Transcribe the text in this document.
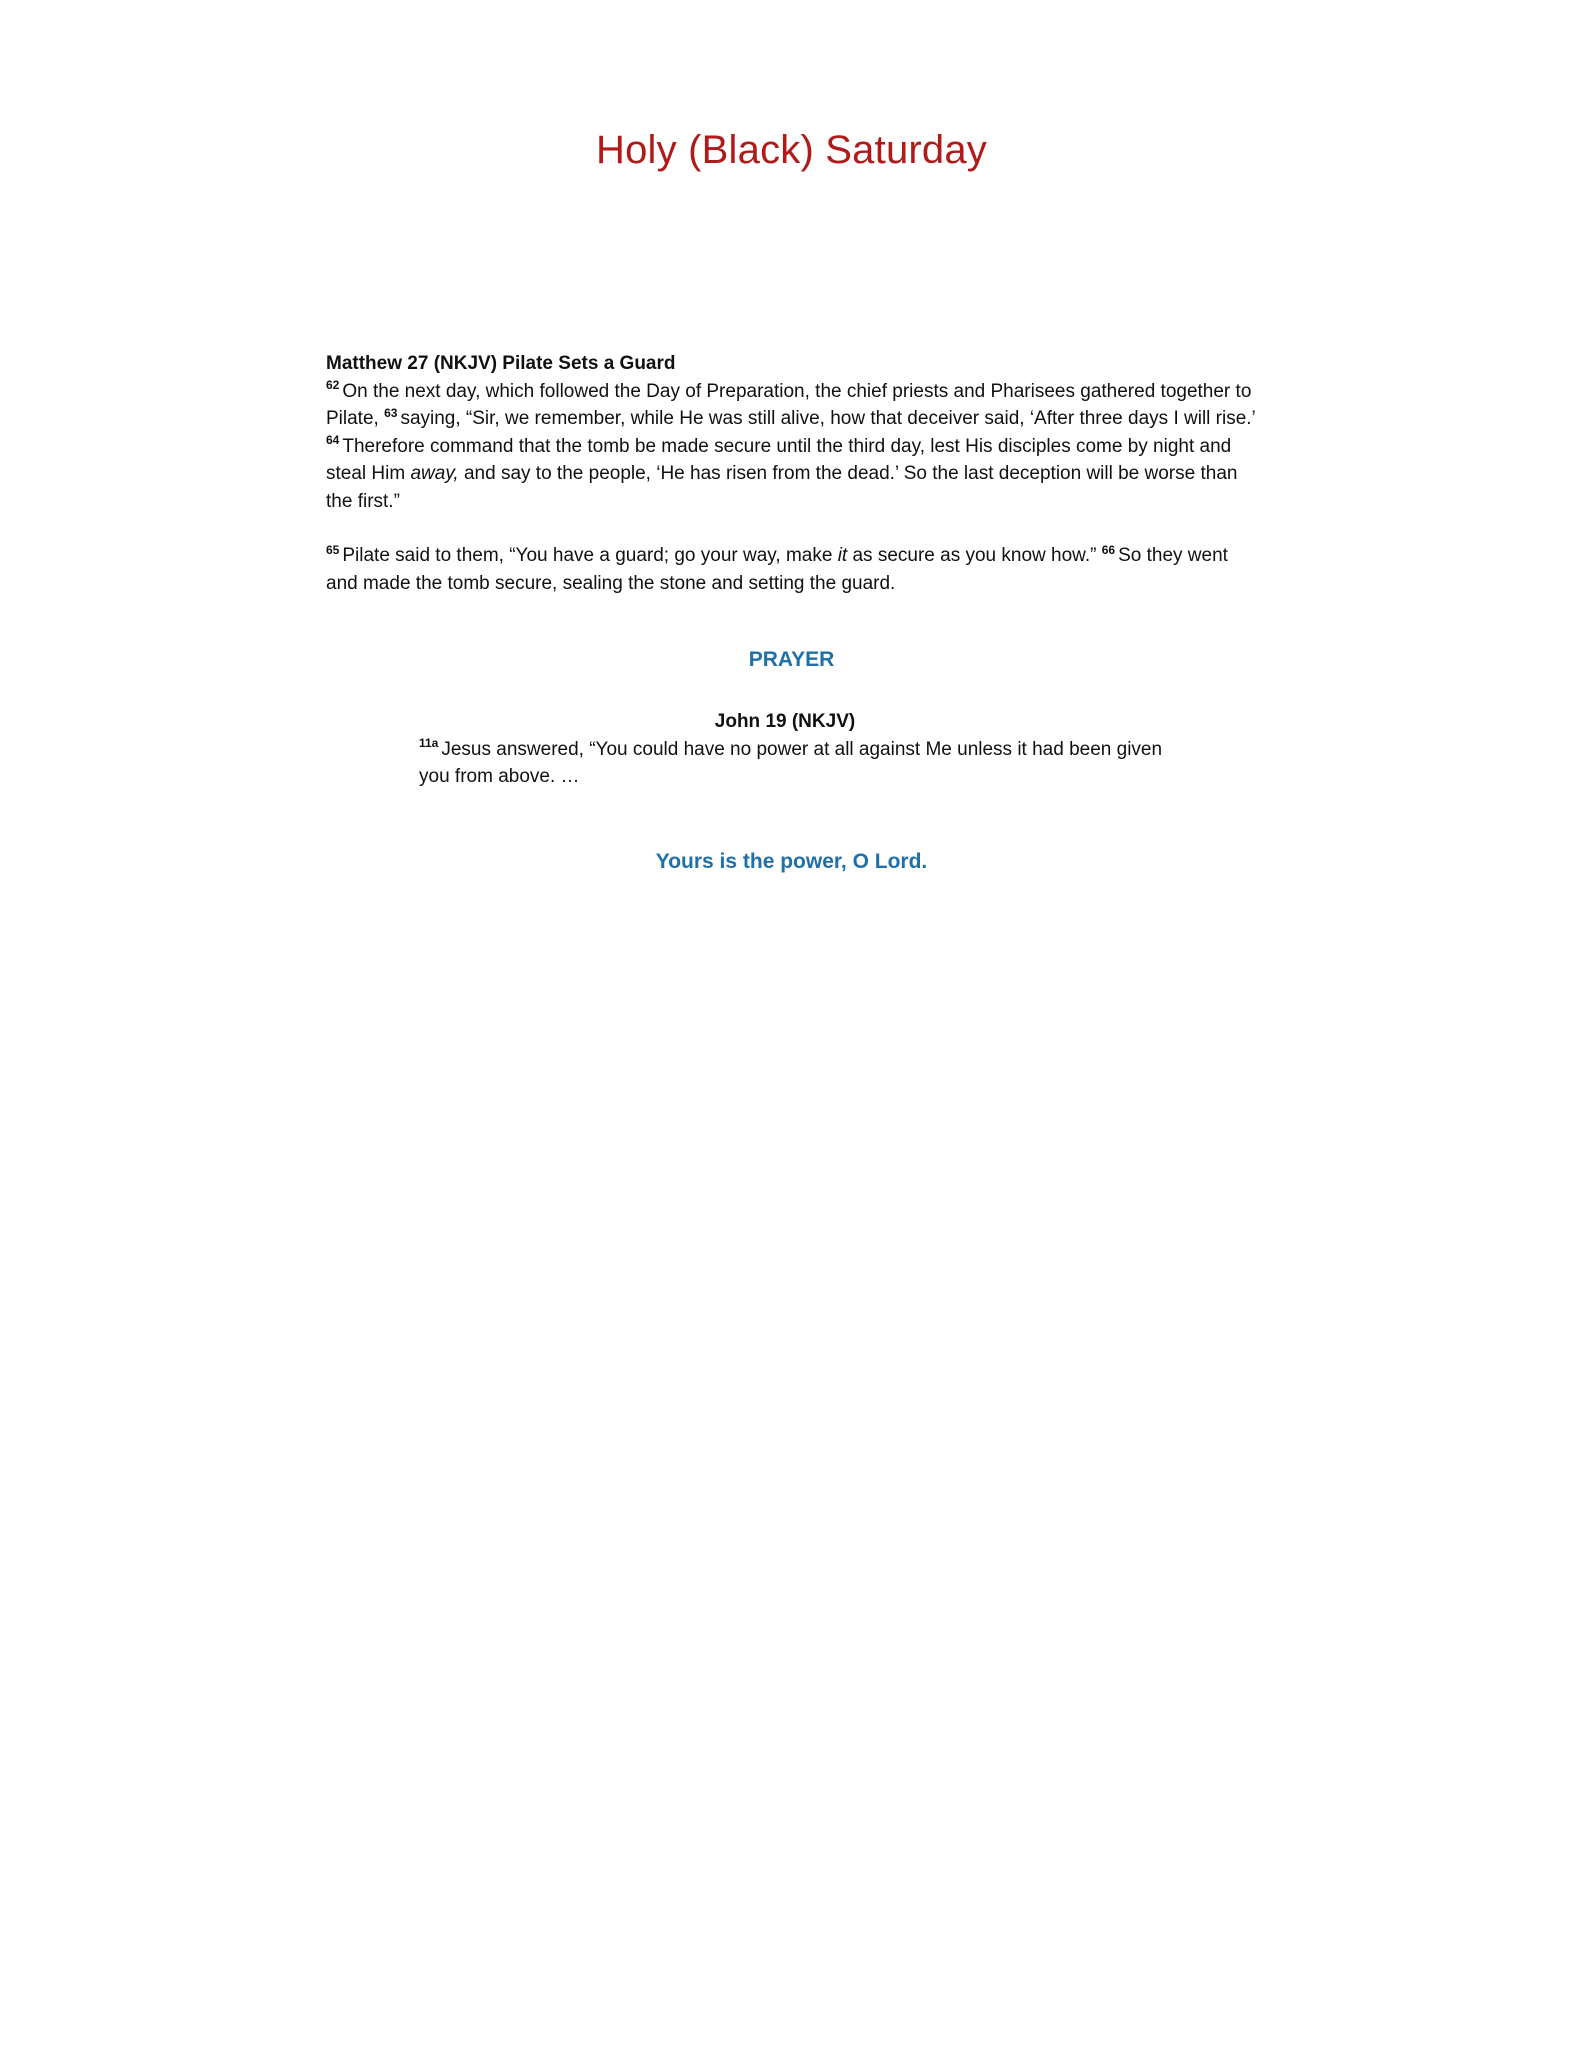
Holy (Black) Saturday

Matthew 27 (NKJV) Pilate Sets a Guard

$^{62}$ On the next day, which followed the Day of Preparation, the chief priests and Pharisees gathered together to Pilate, $^{63}$ saying, “Sir, we remember, while He was still alive, how that deceiver said, ‘After three days I will rise.’ $^{64}$ Therefore command that the tomb be made secure until the third day, lest His disciples come by night and steal Him away, and say to the people, ‘He has risen from the dead.’ So the last deception will be worse than the first.”

$^{65}$ Pilate said to them, “You have a guard; go your way, make it as secure as you know how.” $^{66}$ So they went and made the tomb secure, sealing the stone and setting the guard.

PRAYER

John 19 (NKJV)

$^{11a}$ Jesus answered, “You could have no power at all against Me unless it had been given you from above. …

Yours is the power, O Lord.
